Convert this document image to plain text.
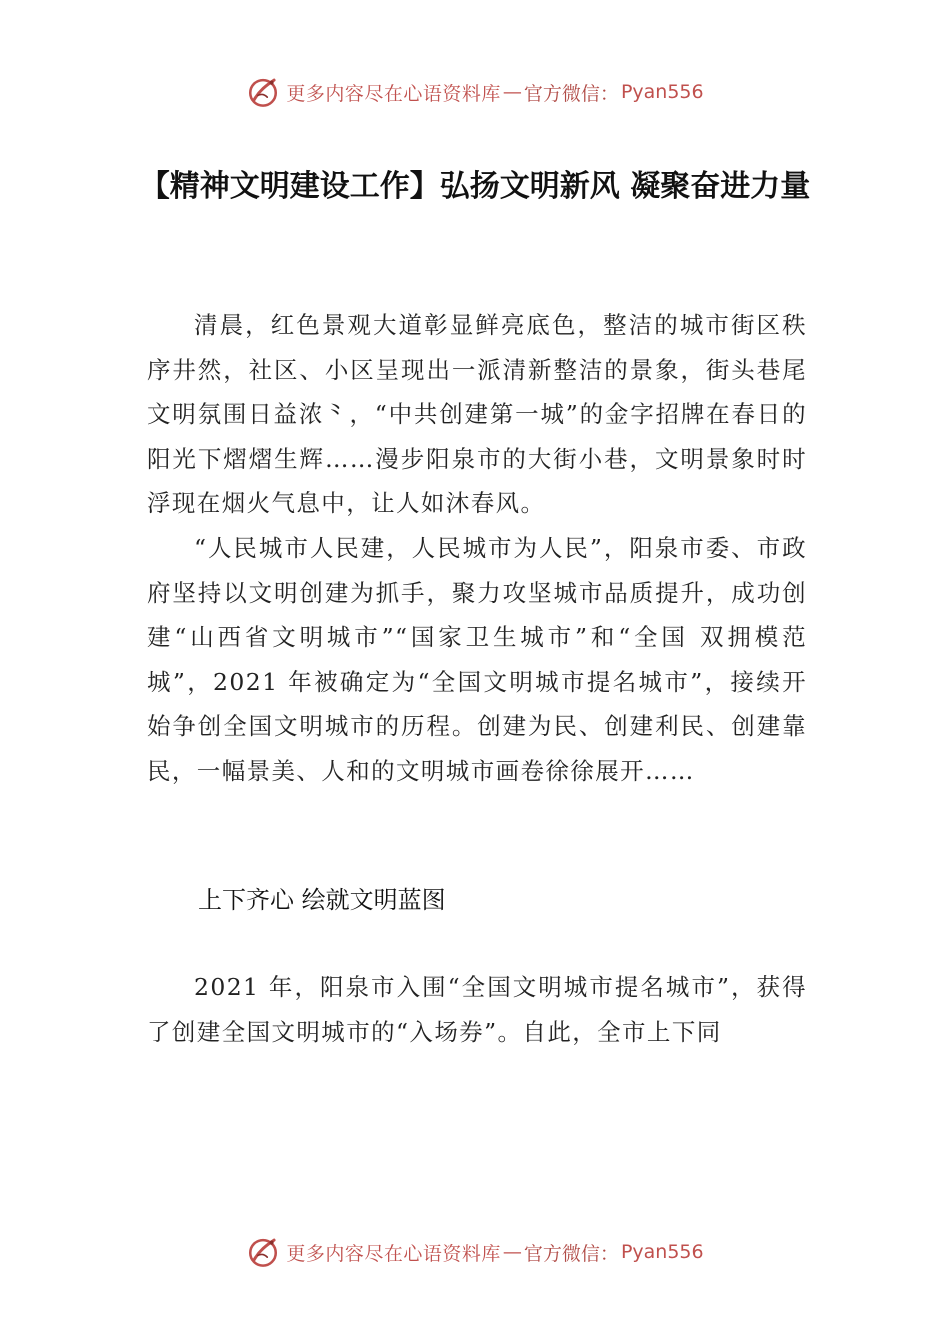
更多内容尽在心语资料库 — 官方微信： Pyan556
【精神文明建设工作】弘扬文明新风 凝聚奋进力量

清晨，红色景观大道彰显鲜亮底色，整洁的城市街区秩序井然，社区、小区呈现出一派清新整洁的景象，街头巷尾文明氛围日益浓⺀，“中共创建第一城”的金字招牌在春日的阳光下熠熠生辉……漫步阳泉市的大街小巷，文明景象时时浮现在烟火气息中，让人如沐春风。

“人民城市人民建，人民城市为人民”，阳泉市委、市政府坚持以文明创建为抓手，聚力攻坚城市品质提升，成功创建“山西省文明城市”“国家卫生城市”和“全国 双拥模范城”，2021 年被确定为“全国文明城市提名城市”，接续开始争创全国文明城市的历程。创建为民、创建利民、创建靠民，一幅景美、人和的文明城市画卷徐徐展开……

上下齐心 绘就文明蓝图

2021 年，阳泉市入围“全国文明城市提名城市”，获得了创建全国文明城市的“入场券”。自此，全市上下同

更多内容尽在心语资料库 — 官方微信： Pyan556
